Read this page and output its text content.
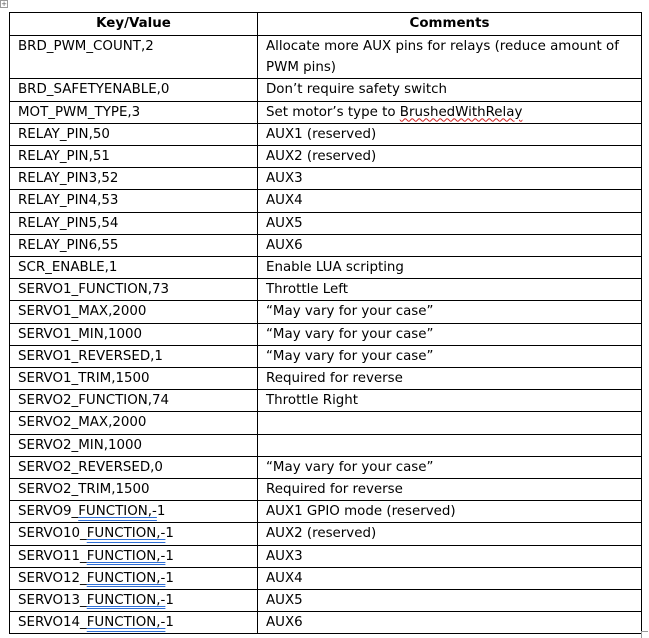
+
Key/Value	Comments
BRD_PWM_COUNT,2	Allocate more AUX pins for relays (reduce amount of PWM pins)
BRD_SAFETYENABLE,0	Don’t require safety switch
MOT_PWM_TYPE,3	Set motor’s type to BrushedWithRelay
RELAY_PIN,50	AUX1 (reserved)
RELAY_PIN,51	AUX2 (reserved)
RELAY_PIN3,52	AUX3
RELAY_PIN4,53	AUX4
RELAY_PIN5,54	AUX5
RELAY_PIN6,55	AUX6
SCR_ENABLE,1	Enable LUA scripting
SERVO1_FUNCTION,73	Throttle Left
SERVO1_MAX,2000	“May vary for your case”
SERVO1_MIN,1000	“May vary for your case”
SERVO1_REVERSED,1	“May vary for your case”
SERVO1_TRIM,1500	Required for reverse
SERVO2_FUNCTION,74	Throttle Right
SERVO2_MAX,2000	
SERVO2_MIN,1000	
SERVO2_REVERSED,0	“May vary for your case”
SERVO2_TRIM,1500	Required for reverse
SERVO9_FUNCTION,-1	AUX1 GPIO mode (reserved)
SERVO10_FUNCTION,-1	AUX2 (reserved)
SERVO11_FUNCTION,-1	AUX3
SERVO12_FUNCTION,-1	AUX4
SERVO13_FUNCTION,-1	AUX5
SERVO14_FUNCTION,-1	AUX6
